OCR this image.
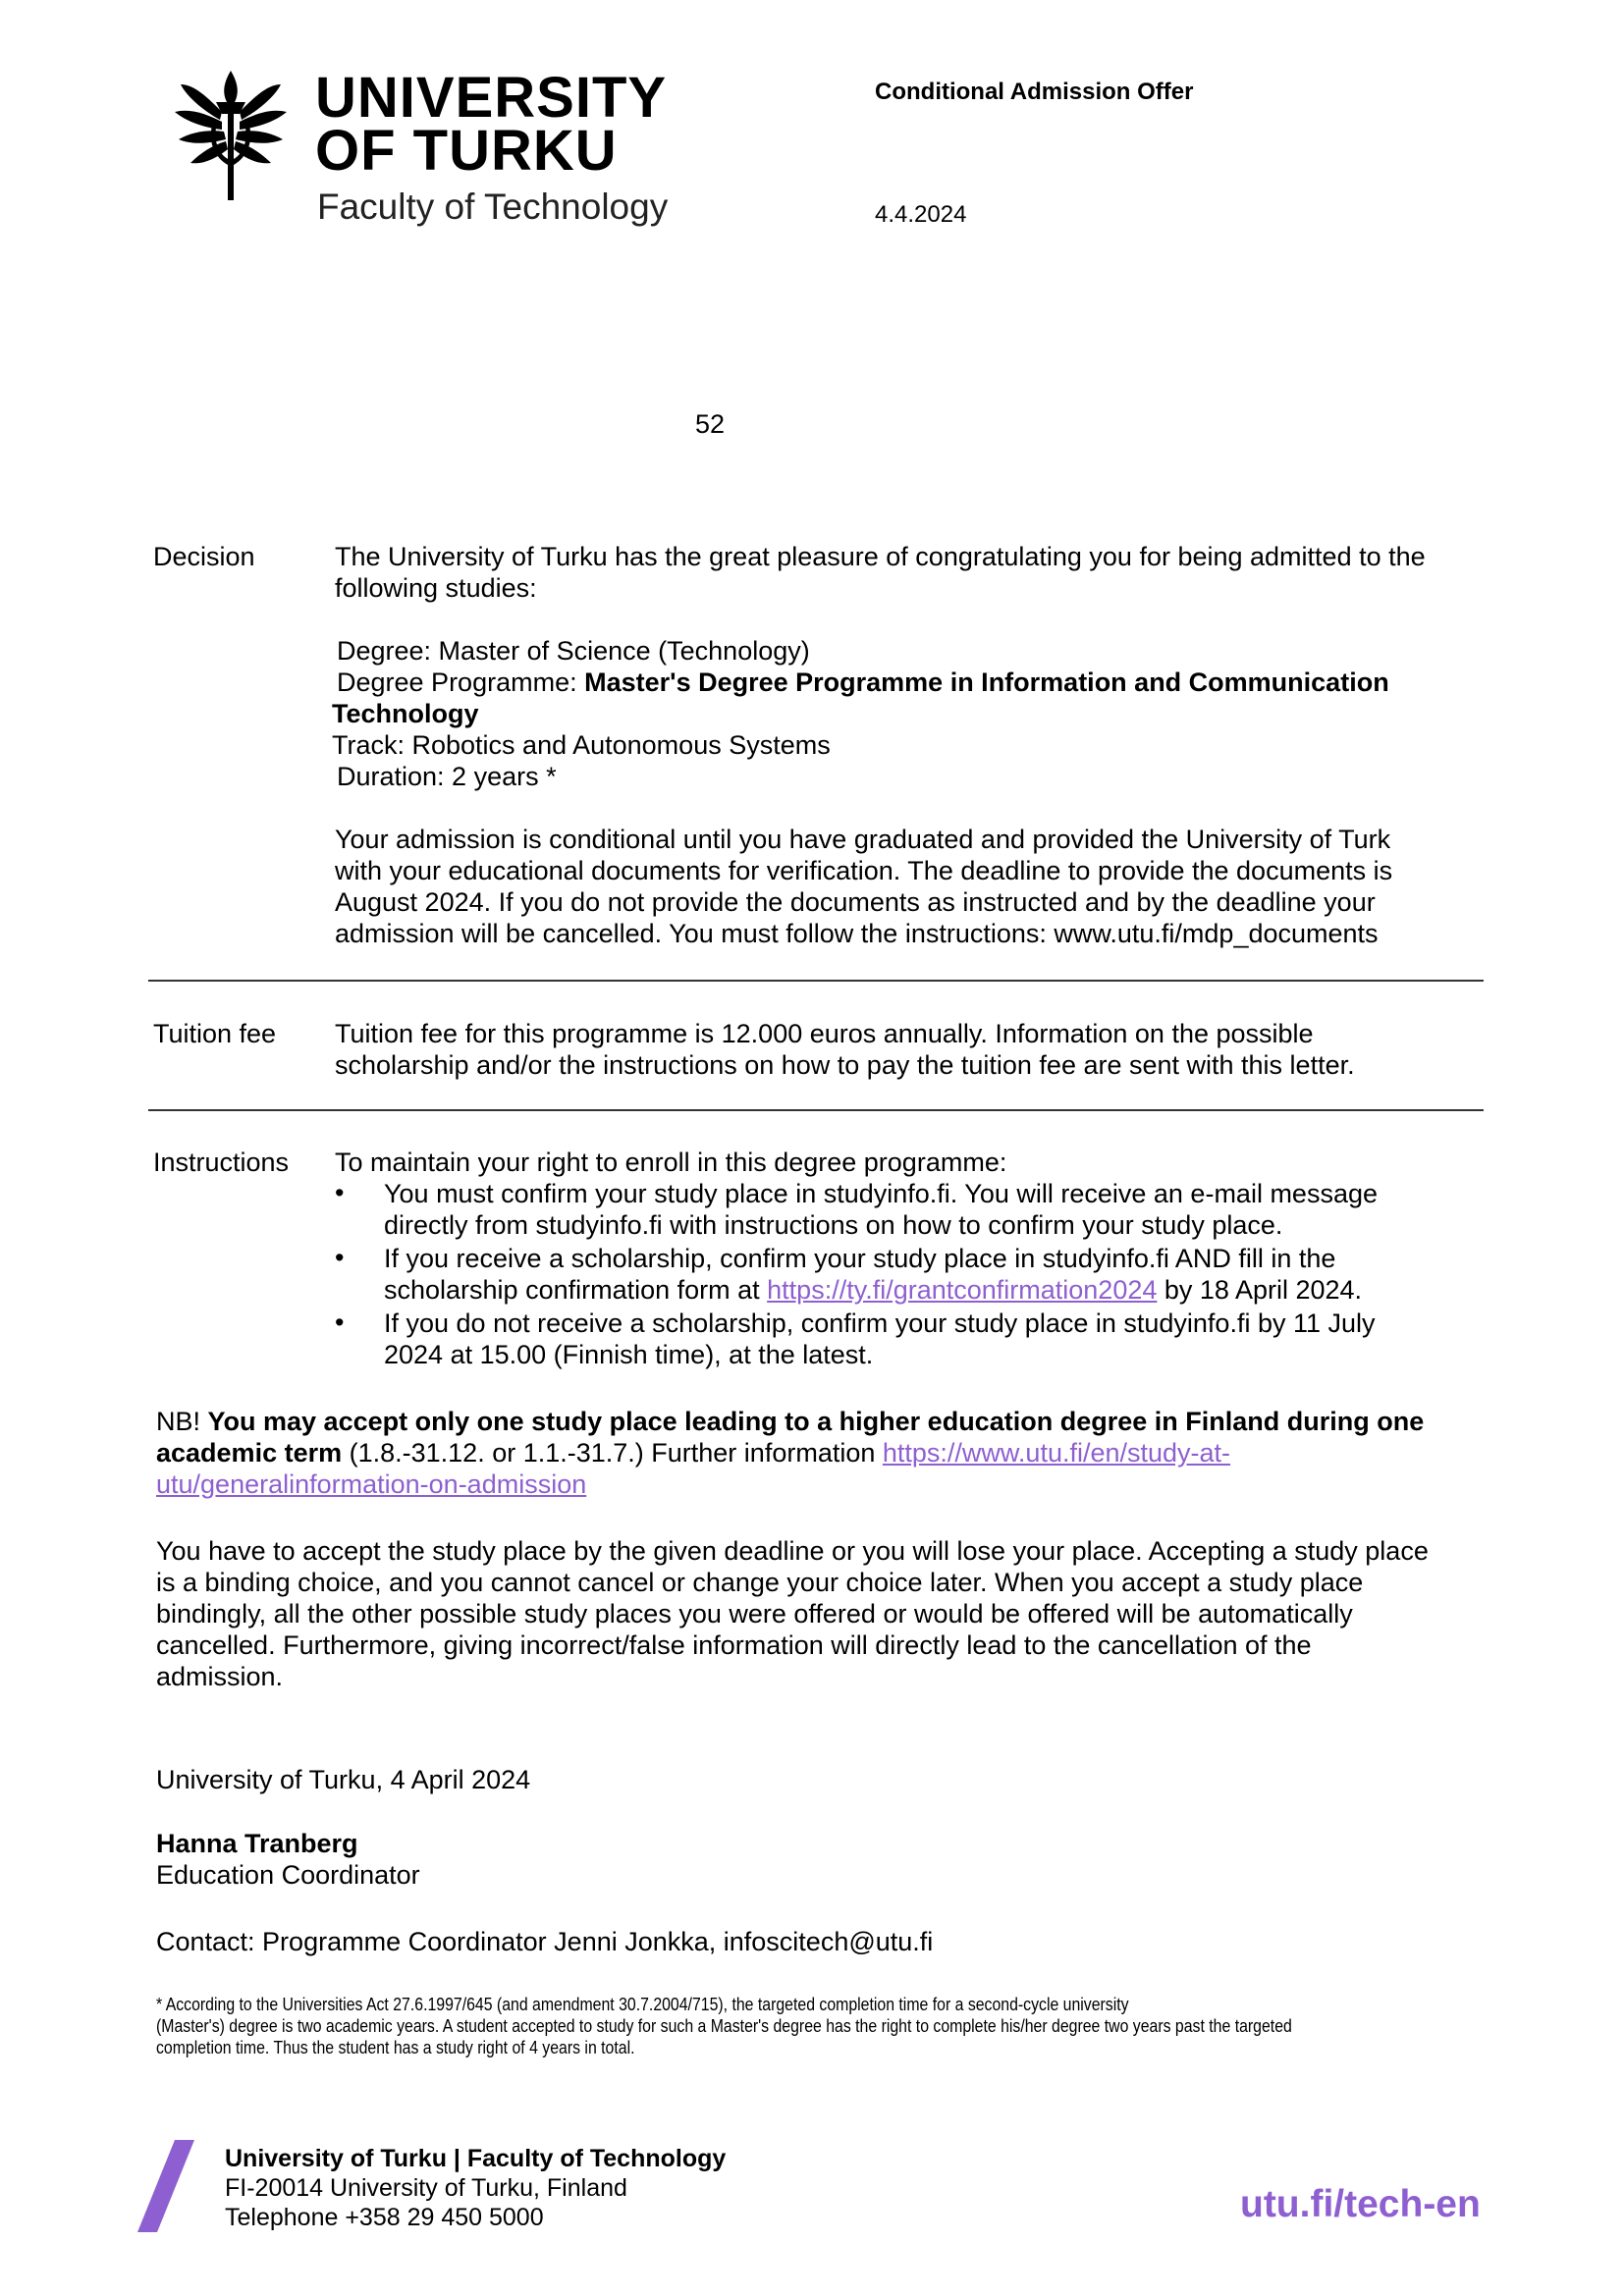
UNIVERSITY
OF TURKU
Faculty of Technology
Conditional Admission Offer
4.4.2024
52
Decision	The University of Turku has the great pleasure of congratulating you for being admitted to the
following studies:
Degree: Master of Science (Technology)
Degree Programme: Master's Degree Programme in Information and Communication
Technology
Track: Robotics and Autonomous Systems
Duration: 2 years *
Your admission is conditional until you have graduated and provided the University of Turk
with your educational documents for verification. The deadline to provide the documents is
August 2024. If you do not provide the documents as instructed and by the deadline your
admission will be cancelled. You must follow the instructions: www.utu.fi/mdp_documents
Tuition fee Tuition fee for this programme is 12.000 euros annually. Information on the possible
scholarship and/or the instructions on how to pay the tuition fee are sent with this letter.
Instructions To maintain your right to enroll in this degree programme:
• You must confirm your study place in studyinfo.fi. You will receive an e-mail message
directly from studyinfo.fi with instructions on how to confirm your study place.
• If you receive a scholarship, confirm your study place in studyinfo.fi AND fill in the
scholarship confirmation form at https://ty.fi/grantconfirmation2024 by 18 April 2024.
• If you do not receive a scholarship, confirm your study place in studyinfo.fi by 11 July
2024 at 15.00 (Finnish time), at the latest.
NB! You may accept only one study place leading to a higher education degree in Finland during one
academic term (1.8.-31.12. or 1.1.-31.7.) Further information https://www.utu.fi/en/study-at-
utu/generalinformation-on-admission
You have to accept the study place by the given deadline or you will lose your place. Accepting a study place
is a binding choice, and you cannot cancel or change your choice later. When you accept a study place
bindingly, all the other possible study places you were offered or would be offered will be automatically
cancelled. Furthermore, giving incorrect/false information will directly lead to the cancellation of the
admission.
University of Turku, 4 April 2024
Hanna Tranberg
Education Coordinator
Contact: Programme Coordinator Jenni Jonkka, infoscitech@utu.fi
* According to the Universities Act 27.6.1997/645 (and amendment 30.7.2004/715), the targeted completion time for a second-cycle university
(Master's) degree is two academic years. A student accepted to study for such a Master's degree has the right to complete his/her degree two years past the targeted
completion time. Thus the student has a study right of 4 years in total.
University of Turku | Faculty of Technology
FI-20014 University of Turku, Finland
Telephone +358 29 450 5000	utu.fi/tech-en
